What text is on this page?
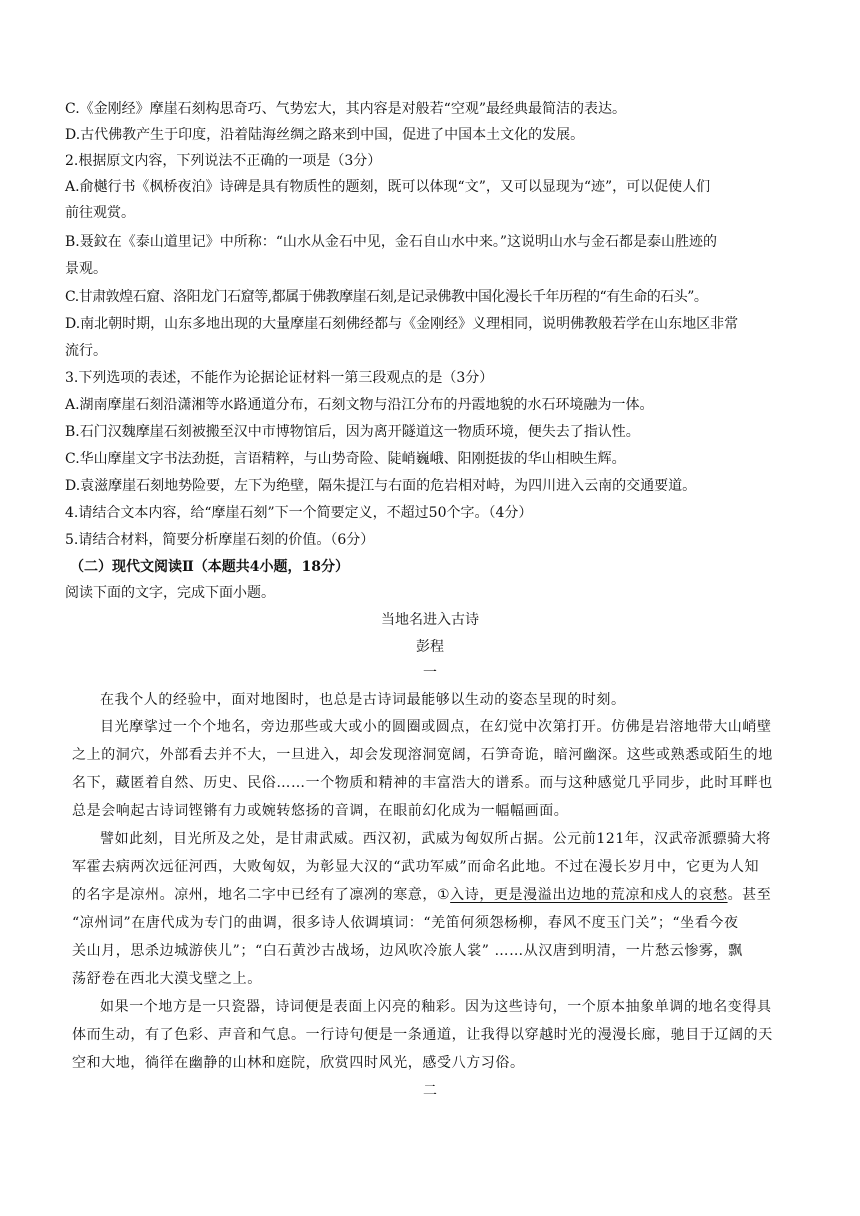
C.《金刚经》摩崖石刻构思奇巧、气势宏大，其内容是对般若“空观”最经典最简洁的表达。
D.古代佛教产生于印度，沿着陆海丝绸之路来到中国，促进了中国本土文化的发展。
2.根据原文内容，下列说法不正确的一项是（3分）
A.俞樾行书《枫桥夜泊》诗碑是具有物质性的题刻，既可以体现“文”，又可以显现为“迹”，可以促使人们
前往观赏。
B.聂鈫在《泰山道里记》中所称：“山水从金石中见，金石自山水中来。”这说明山水与金石都是泰山胜迹的
景观。
C.甘肃敦煌石窟、洛阳龙门石窟等,都属于佛教摩崖石刻,是记录佛教中国化漫长千年历程的“有生命的石头”。
D.南北朝时期，山东多地出现的大量摩崖石刻佛经都与《金刚经》义理相同，说明佛教般若学在山东地区非常
流行。
3.下列选项的表述，不能作为论据论证材料一第三段观点的是（3分）
A.湖南摩崖石刻沿潇湘等水路通道分布，石刻文物与沿江分布的丹霞地貌的水石环境融为一体。
B.石门汉魏摩崖石刻被搬至汉中市博物馆后，因为离开隧道这一物质环境，便失去了指认性。
C.华山摩崖文字书法劲挺，言语精粹，与山势奇险、陡峭巍峨、阳刚挺拔的华山相映生辉。
D.袁滋摩崖石刻地势险要，左下为绝壁，隔朱提江与右面的危岩相对峙，为四川进入云南的交通要道。
4.请结合文本内容，给“摩崖石刻”下一个简要定义，不超过50个字。（4分）
5.请结合材料，简要分析摩崖石刻的价值。（6分）
（二）现代文阅读Ⅱ（本题共4小题，18分）
阅读下面的文字，完成下面小题。
当地名进入古诗
彭程
一
在我个人的经验中，面对地图时，也总是古诗词最能够以生动的姿态呈现的时刻。
目光摩挲过一个个地名，旁边那些或大或小的圆圈或圆点，在幻觉中次第打开。仿佛是岩溶地带大山峭壁
之上的洞穴，外部看去并不大，一旦进入，却会发现溶洞宽阔，石笋奇诡，暗河幽深。这些或熟悉或陌生的地
名下，藏匿着自然、历史、民俗……一个物质和精神的丰富浩大的谱系。而与这种感觉几乎同步，此时耳畔也
总是会响起古诗词铿锵有力或婉转悠扬的音调，在眼前幻化成为一幅幅画面。
譬如此刻，目光所及之处，是甘肃武威。西汉初，武威为匈奴所占据。公元前121年，汉武帝派骠骑大将
军霍去病两次远征河西，大败匈奴，为彰显大汉的“武功军威”而命名此地。不过在漫长岁月中，它更为人知
的名字是凉州。凉州，地名二字中已经有了凛冽的寒意，①入诗，更是漫溢出边地的荒凉和戍人的哀愁。甚至
“凉州词”在唐代成为专门的曲调，很多诗人依调填词：“羌笛何须怨杨柳，春风不度玉门关”；“坐看今夜
关山月，思杀边城游侠儿”；“白石黄沙古战场，边风吹冷旅人裳” ……从汉唐到明清，一片愁云惨雾，飘
荡舒卷在西北大漠戈壁之上。
如果一个地方是一只瓷器，诗词便是表面上闪亮的釉彩。因为这些诗句，一个原本抽象单调的地名变得具
体而生动，有了色彩、声音和气息。一行诗句便是一条通道，让我得以穿越时光的漫漫长廊，驰目于辽阔的天
空和大地，徜徉在幽静的山林和庭院，欣赏四时风光，感受八方习俗。
二
